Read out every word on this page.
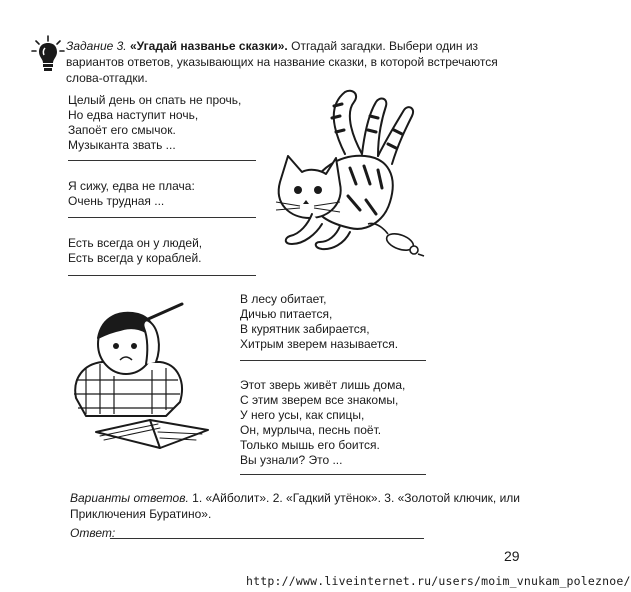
Задание 3. «Угадай названье сказки». Отгадай загадки. Выбери один из вариантов ответов, указывающих на название сказки, в которой встречаются слова-отгадки.
Целый день он спать не прочь,
Но едва наступит ночь,
Запоёт его смычок.
Музыканта звать ...
Я сижу, едва не плача:
Очень трудная ...
Есть всегда он у людей,
Есть всегда у кораблей.
В лесу обитает,
Дичью питается,
В курятник забирается,
Хитрым зверем называется.
Этот зверь живёт лишь дома,
С этим зверем все знакомы,
У него усы, как спицы,
Он, мурлыча, песнь поёт.
Только мышь его боится.
Вы узнали? Это ...
Варианты ответов. 1. «Айболит». 2. «Гадкий утёнок». 3. «Золотой ключик, или Приключения Буратино».
Ответ:
29
http://www.liveinternet.ru/users/moim_vnukam_poleznoe/
